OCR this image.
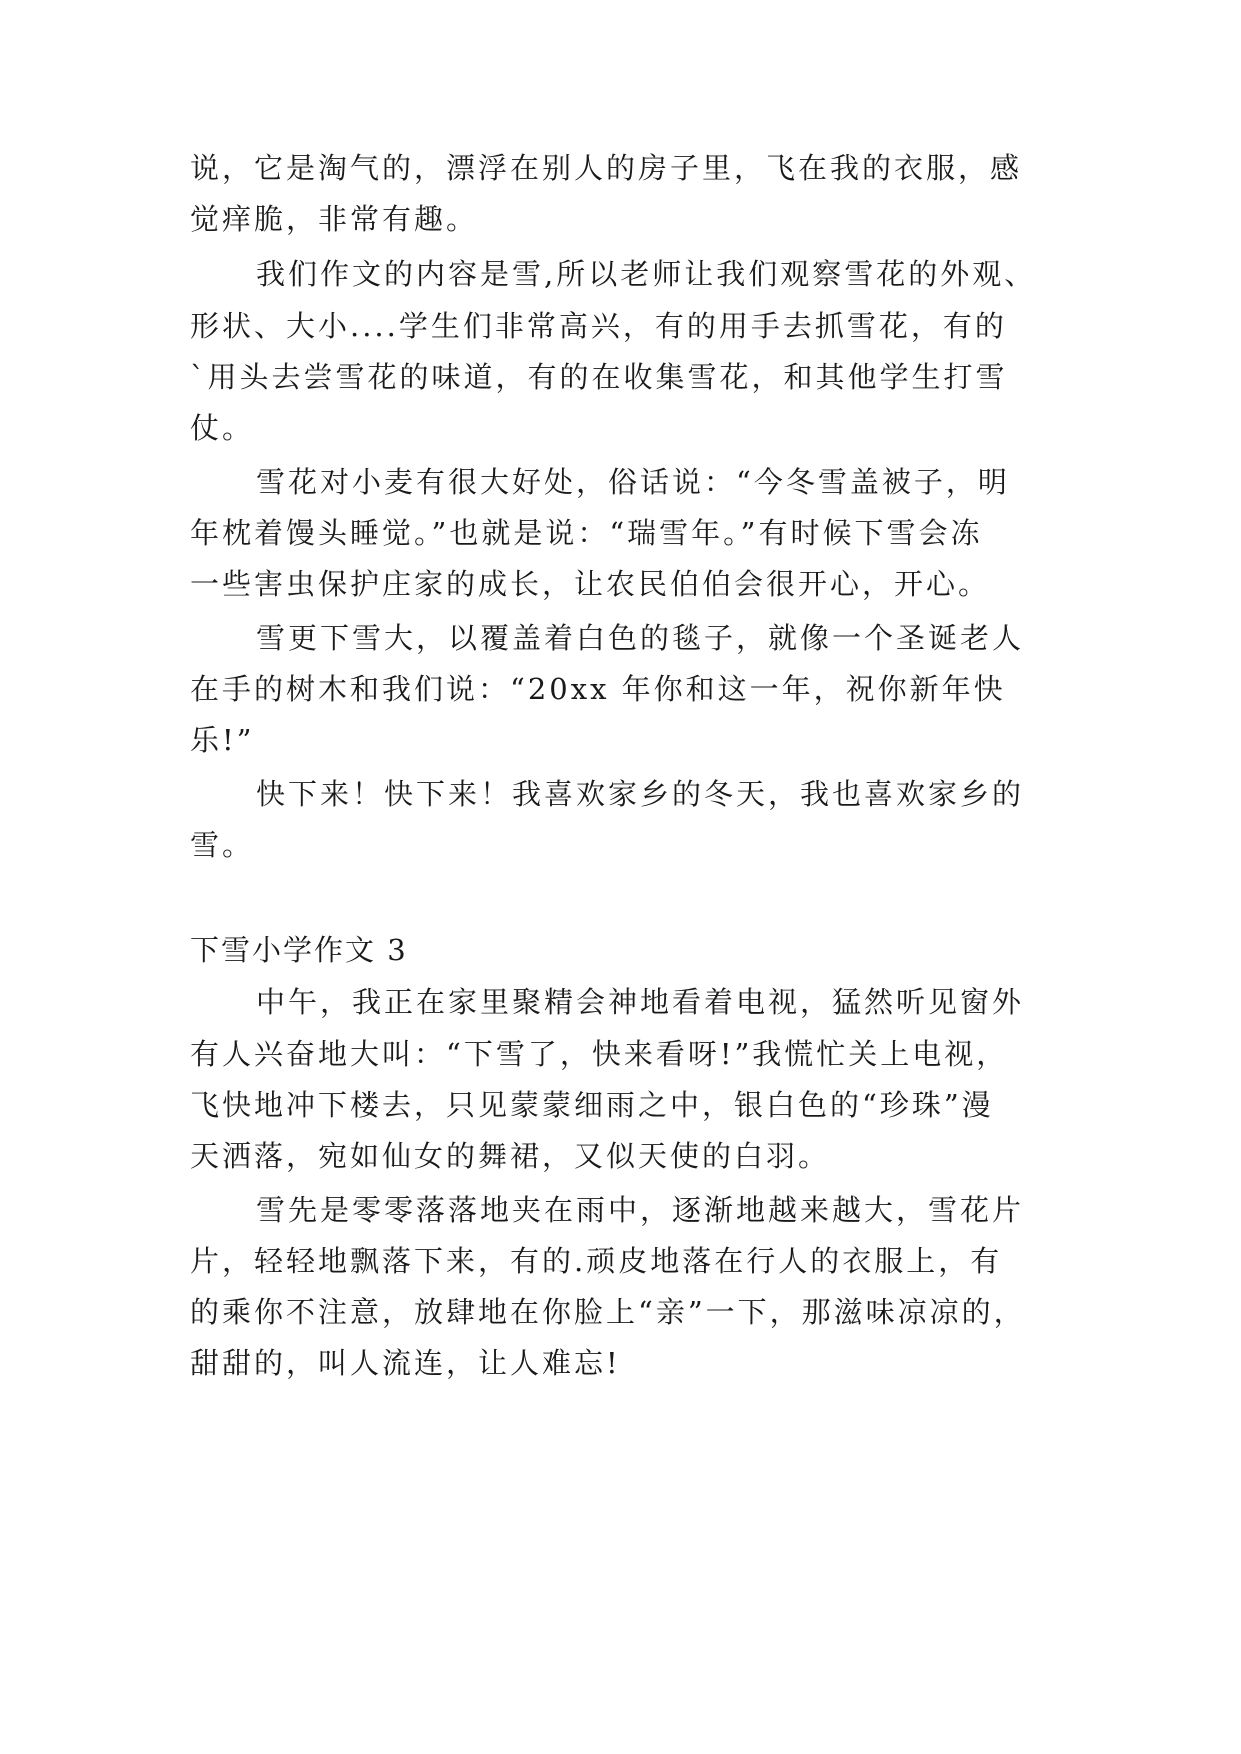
说，它是淘气的，漂浮在别人的房子里，飞在我的衣服，感
觉痒脆，非常有趣。
我们作文的内容是雪,所以老师让我们观察雪花的外观、
形状、大小....学生们非常高兴，有的用手去抓雪花，有的
`用头去尝雪花的味道，有的在收集雪花，和其他学生打雪
仗。
雪花对小麦有很大好处，俗话说：“今冬雪盖被子，明
年枕着馒头睡觉。”也就是说：“瑞雪年。”有时候下雪会冻
一些害虫保护庄家的成长，让农民伯伯会很开心，开心。
雪更下雪大，以覆盖着白色的毯子，就像一个圣诞老人
在手的树木和我们说：“20xx 年你和这一年，祝你新年快
乐!”
快下来！快下来！我喜欢家乡的冬天，我也喜欢家乡的
雪。
下雪小学作文 3
中午，我正在家里聚精会神地看着电视，猛然听见窗外
有人兴奋地大叫：“下雪了，快来看呀!”我慌忙关上电视，
飞快地冲下楼去，只见蒙蒙细雨之中，银白色的“珍珠”漫
天洒落，宛如仙女的舞裙，又似天使的白羽。
雪先是零零落落地夹在雨中，逐渐地越来越大，雪花片
片，轻轻地飘落下来，有的.顽皮地落在行人的衣服上，有
的乘你不注意，放肆地在你脸上“亲”一下，那滋味凉凉的，
甜甜的，叫人流连，让人难忘!
